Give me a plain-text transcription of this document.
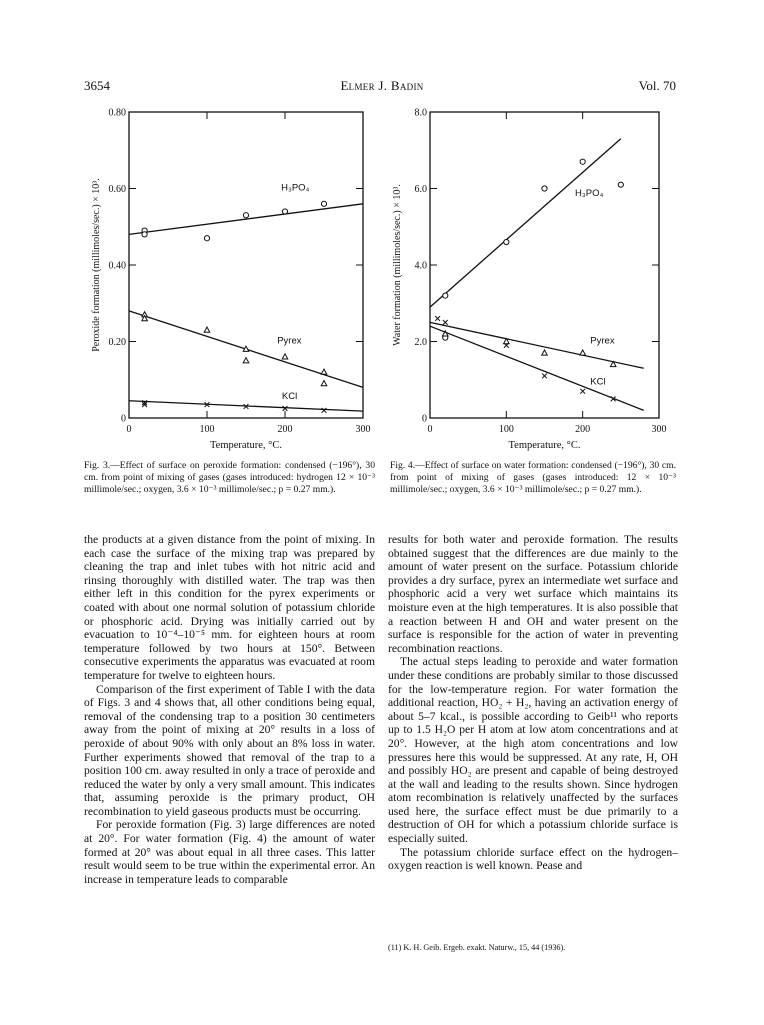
3654	Elmer J. Badin	Vol. 70
0	100	200	300
0
0.20
0.40
0.60
0.80
Temperature, °C.
Peroxide formation (millimoles/sec.) × 10³.	H₃PO₄
Pyrex
KCl
0	100	200	300
0
2.0
4.0
6.0
8.0
Temperature, °C.
Water formation (millimoles/sec.) × 10³.	H₃PO₄
Pyrex
KCl
Fig. 3.—Effect of surface on peroxide formation: condensed (−196°), 30 cm. from point of mixing of gases (gases introduced: hydrogen 12 × 10⁻³ millimole/sec.; oxygen, 3.6 × 10⁻³ millimole/sec.; p = 0.27 mm.).
Fig. 4.—Effect of surface on water formation: condensed (−196°), 30 cm. from point of mixing of gases (gases introduced: 12 × 10⁻³ millimole/sec.; oxygen, 3.6 × 10⁻³ millimole/sec.; p = 0.27 mm.).

the products at a given distance from the point of mixing. In each case the surface of the mixing trap was prepared by cleaning the trap and inlet tubes with hot nitric acid and rinsing thoroughly with distilled water. The trap was then either left in this condition for the pyrex experiments or coated with about one normal solution of potassium chloride or phosphoric acid. Drying was initially carried out by evacuation to 10⁻⁴–10⁻⁵ mm. for eighteen hours at room temperature followed by two hours at 150°. Between consecutive experiments the apparatus was evacuated at room temperature for twelve to eighteen hours.

Comparison of the first experiment of Table I with the data of Figs. 3 and 4 shows that, all other conditions being equal, removal of the condensing trap to a position 30 centimeters away from the point of mixing at 20° results in a loss of peroxide of about 90% with only about an 8% loss in water. Further experiments showed that removal of the trap to a position 100 cm. away resulted in only a trace of peroxide and reduced the water by only a very small amount. This indicates that, assuming peroxide is the primary product, OH recombination to yield gaseous products must be occurring.

For peroxide formation (Fig. 3) large differences are noted at 20°. For water formation (Fig. 4) the amount of water formed at 20° was about equal in all three cases. This latter result would seem to be true within the experimental error. An increase in temperature leads to comparable

results for both water and peroxide formation. The results obtained suggest that the differences are due mainly to the amount of water present on the surface. Potassium chloride provides a dry surface, pyrex an intermediate wet surface and phosphoric acid a very wet surface which maintains its moisture even at the high temperatures. It is also possible that a reaction between H and OH and water present on the surface is responsible for the action of water in preventing recombination reactions.

The actual steps leading to peroxide and water formation under these conditions are probably similar to those discussed for the low-temperature region. For water formation the additional reaction, HO₂ + H₂, having an activation energy of about 5–7 kcal., is possible according to Geib¹¹ who reports up to 1.5 H₂O per H atom at low atom concentrations and at 20°. However, at the high atom concentrations and low pressures here this would be suppressed. At any rate, H, OH and possibly HO₂ are present and capable of being destroyed at the wall and leading to the results shown. Since hydrogen atom recombination is relatively unaffected by the surfaces used here, the surface effect must be due primarily to a destruction of OH for which a potassium chloride surface is especially suited.

The potassium chloride surface effect on the hydrogen–oxygen reaction is well known. Pease and

(11) K. H. Geib. Ergeb. exakt. Naturw., 15, 44 (1936).
